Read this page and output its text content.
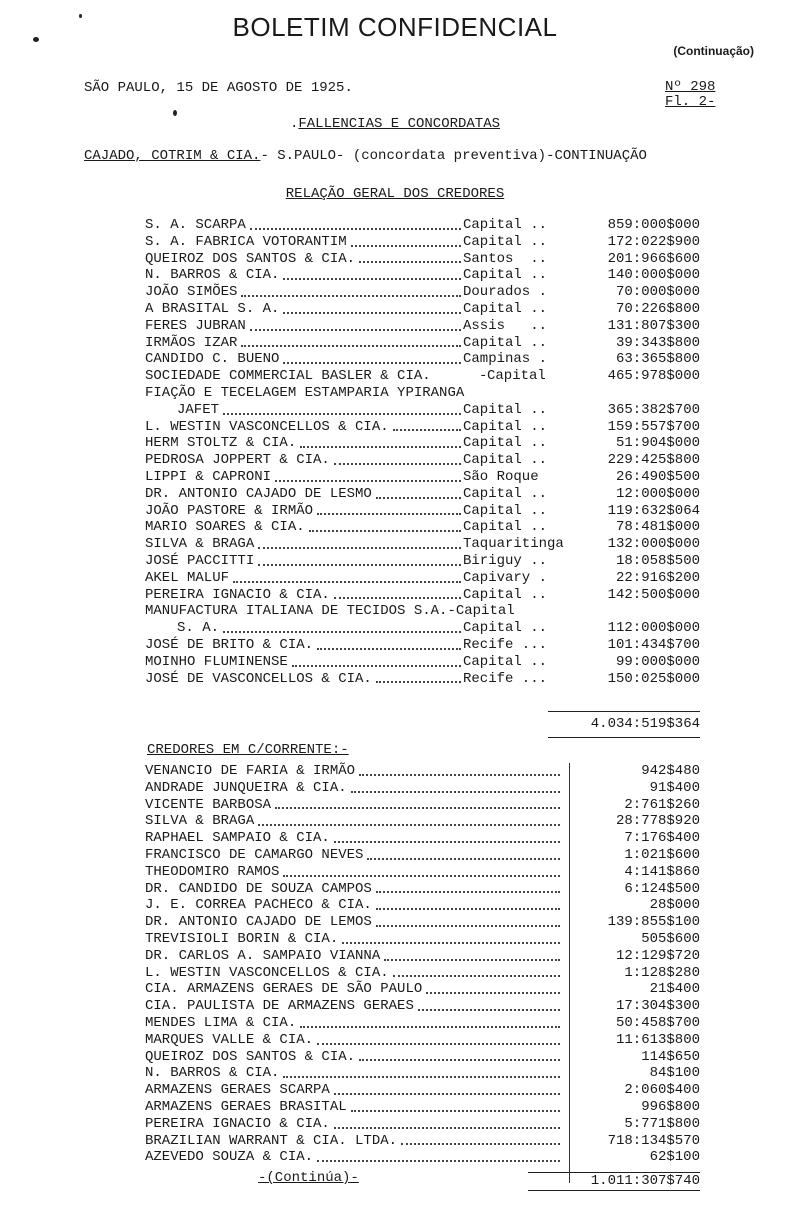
BOLETIM CONFIDENCIAL
(Continuação)
SÃO PAULO, 15 DE AGOSTO DE 1925.	Nº 298
Fl. 2-
.FALLENCIAS E CONCORDATAS
CAJADO, COTRIM & CIA.- S.PAULO- (concordata preventiva)-CONTINUAÇÃO
RELAÇÃO GERAL DOS CREDORES
S. A. SCARPA	Capital ..	859:000$000
S. A. FABRICA VOTORANTIM	Capital ..	172:022$900
QUEIROZ DOS SANTOS & CIA.	Santos  ..	201:966$600
N. BARROS & CIA.	Capital ..	140:000$000
JOÃO SIMÕES	Dourados .	70:000$000
A BRASITAL S. A.	Capital ..	70:226$800
FERES JUBRAN	Assis   ..	131:807$300
IRMÃOS IZAR	Capital ..	39:343$800
CANDIDO C. BUENO	Campinas .	63:365$800
SOCIEDADE COMMERCIAL BASLER & CIA.	- Capital	465:978$000
FIAÇÃO E TECELAGEM ESTAMPARIA YPIRANGA
JAFET	Capital ..	365:382$700
L. WESTIN VASCONCELLOS & CIA.	Capital ..	159:557$700
HERM STOLTZ & CIA.	Capital ..	51:904$000
PEDROSA JOPPERT & CIA.	Capital ..	229:425$800
LIPPI & CAPRONI	São Roque	26:490$500
DR. ANTONIO CAJADO DE LESMO	Capital ..	12:000$000
JOÃO PASTORE & IRMÃO	Capital ..	119:632$064
MARIO SOARES & CIA.	Capital ..	78:481$000
SILVA & BRAGA	Taquaritinga	132:000$000
JOSÉ PACCITTI	Biriguy ..	18:058$500
AKEL MALUF	Capivary .	22:916$200
PEREIRA IGNACIO & CIA.	Capital ..	142:500$000
MANUFACTURA ITALIANA DE TECIDOS S.A.-Capital
S. A.	Capital ..	112:000$000
JOSÉ DE BRITO & CIA.	Recife ...	101:434$700
MOINHO FLUMINENSE	Capital ..	99:000$000
JOSÉ DE VASCONCELLOS & CIA.	Recife ...	150:025$000
4.034:519$364
CREDORES EM C/CORRENTE:-
VENANCIO DE FARIA & IRMÃO	942$480
ANDRADE JUNQUEIRA & CIA.	91$400
VICENTE BARBOSA	2:761$260
SILVA & BRAGA	28:778$920
RAPHAEL SAMPAIO & CIA.	7:176$400
FRANCISCO DE CAMARGO NEVES	1:021$600
THEODOMIRO RAMOS	4:141$860
DR. CANDIDO DE SOUZA CAMPOS	6:124$500
J. E. CORREA PACHECO & CIA.	28$000
DR. ANTONIO CAJADO DE LEMOS	139:855$100
TREVISIOLI BORIN & CIA.	505$600
DR. CARLOS A. SAMPAIO VIANNA	12:129$720
L. WESTIN VASCONCELLOS & CIA.	1:128$280
CIA. ARMAZENS GERAES DE SÃO PAULO	21$400
CIA. PAULISTA DE ARMAZENS GERAES	17:304$300
MENDES LIMA & CIA.	50:458$700
MARQUES VALLE & CIA.	11:613$800
QUEIROZ DOS SANTOS & CIA.	114$650
N. BARROS & CIA.	84$100
ARMAZENS GERAES SCARPA	2:060$400
ARMAZENS GERAES BRASITAL	996$800
PEREIRA IGNACIO & CIA.	5:771$800
BRAZILIAN WARRANT & CIA. LTDA.	718:134$570
AZEVEDO SOUZA & CIA.	62$100
-(Continúa)-	1.011:307$740
